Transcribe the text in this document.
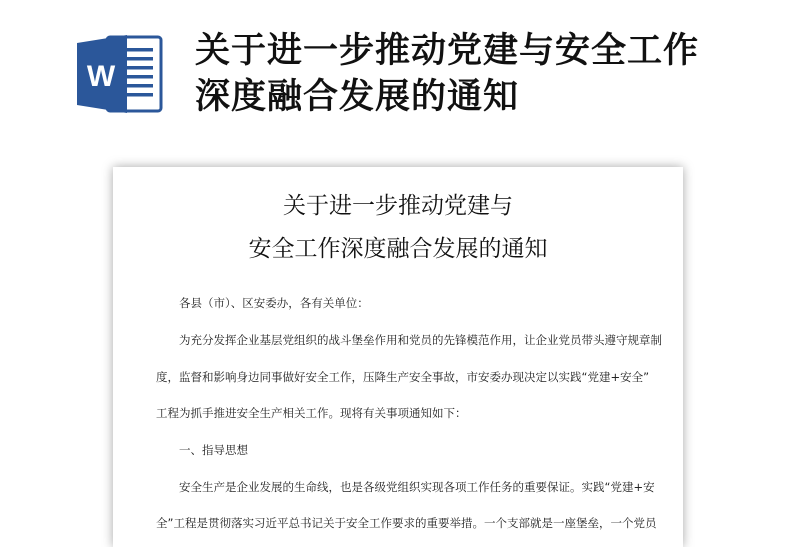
W
关于进一步推动党建与安全工作
深度融合发展的通知
关于进一步推动党建与
安全工作深度融合发展的通知
各县（市）、区安委办，各有关单位：
为充分发挥企业基层党组织的战斗堡垒作用和党员的先锋模范作用，让企业党员带头遵守规章制
度，监督和影响身边同事做好安全工作，压降生产安全事故，市安委办现决定以实践“党建+安全”
工程为抓手推进安全生产相关工作。现将有关事项通知如下：
一、指导思想
安全生产是企业发展的生命线，也是各级党组织实现各项工作任务的重要保证。实践“党建+安
全”工程是贯彻落实习近平总书记关于安全工作要求的重要举措。一个支部就是一座堡垒，一个党员
